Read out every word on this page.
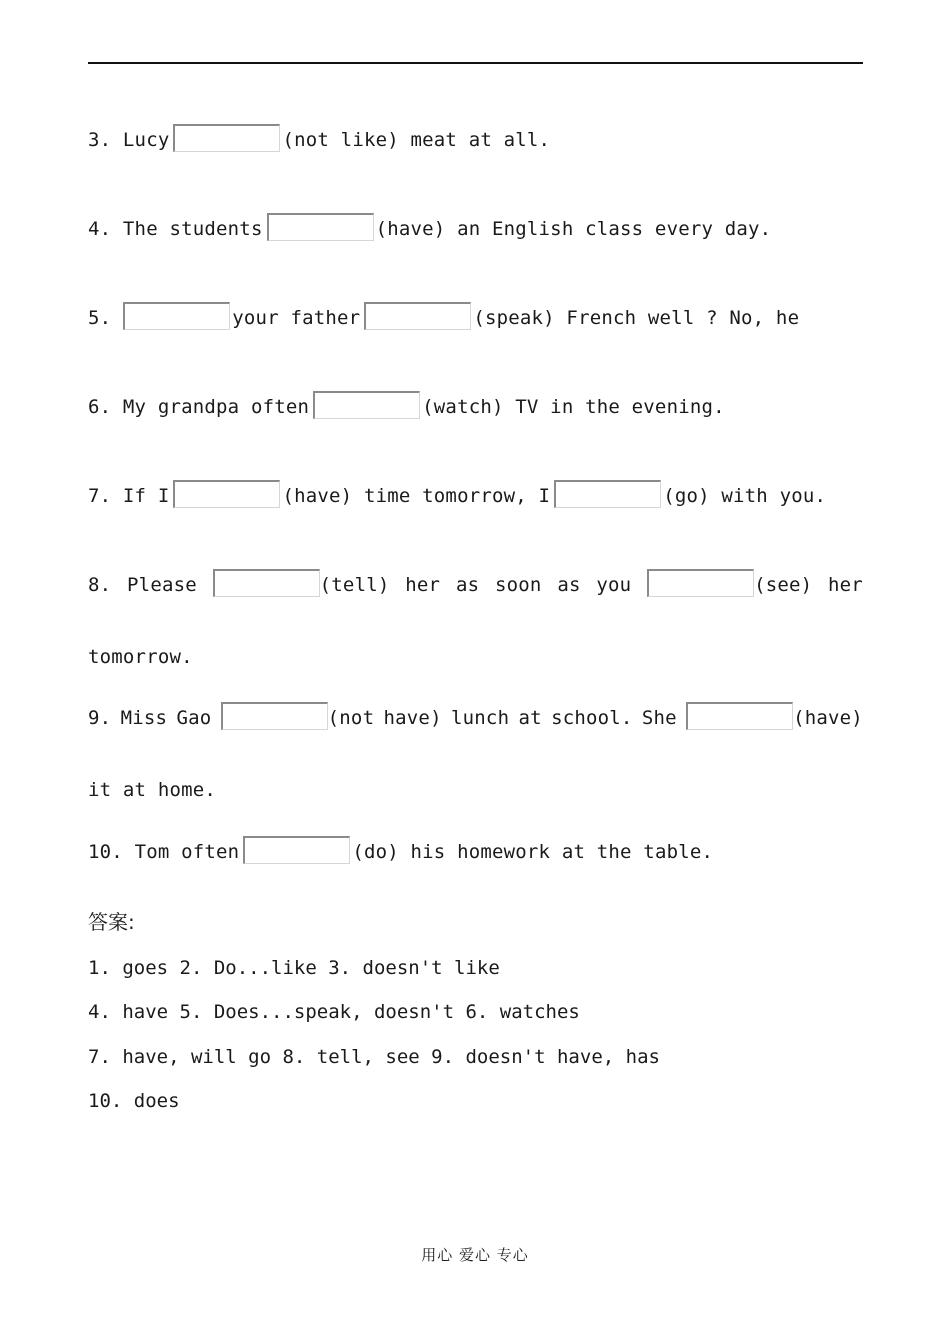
3. Lucy	(not like) meat at all.
4. The students	(have) an English class every day.
5.	your father	(speak) French well ? No, he
6. My grandpa often	(watch) TV in the evening.
7. If I	(have) time tomorrow, I	(go) with you.
8. Please	(tell) her as soon as you	(see) her
tomorrow.
9. Miss Gao	(not have) lunch at school. She	(have)
it at home.
10. Tom often	(do) his homework at the table.
答案:
1. goes 2. Do...like 3. doesn't like
4. have 5. Does...speak, doesn't 6. watches
7. have, will go 8. tell, see 9. doesn't have, has
10. does
用心 爱心 专心
